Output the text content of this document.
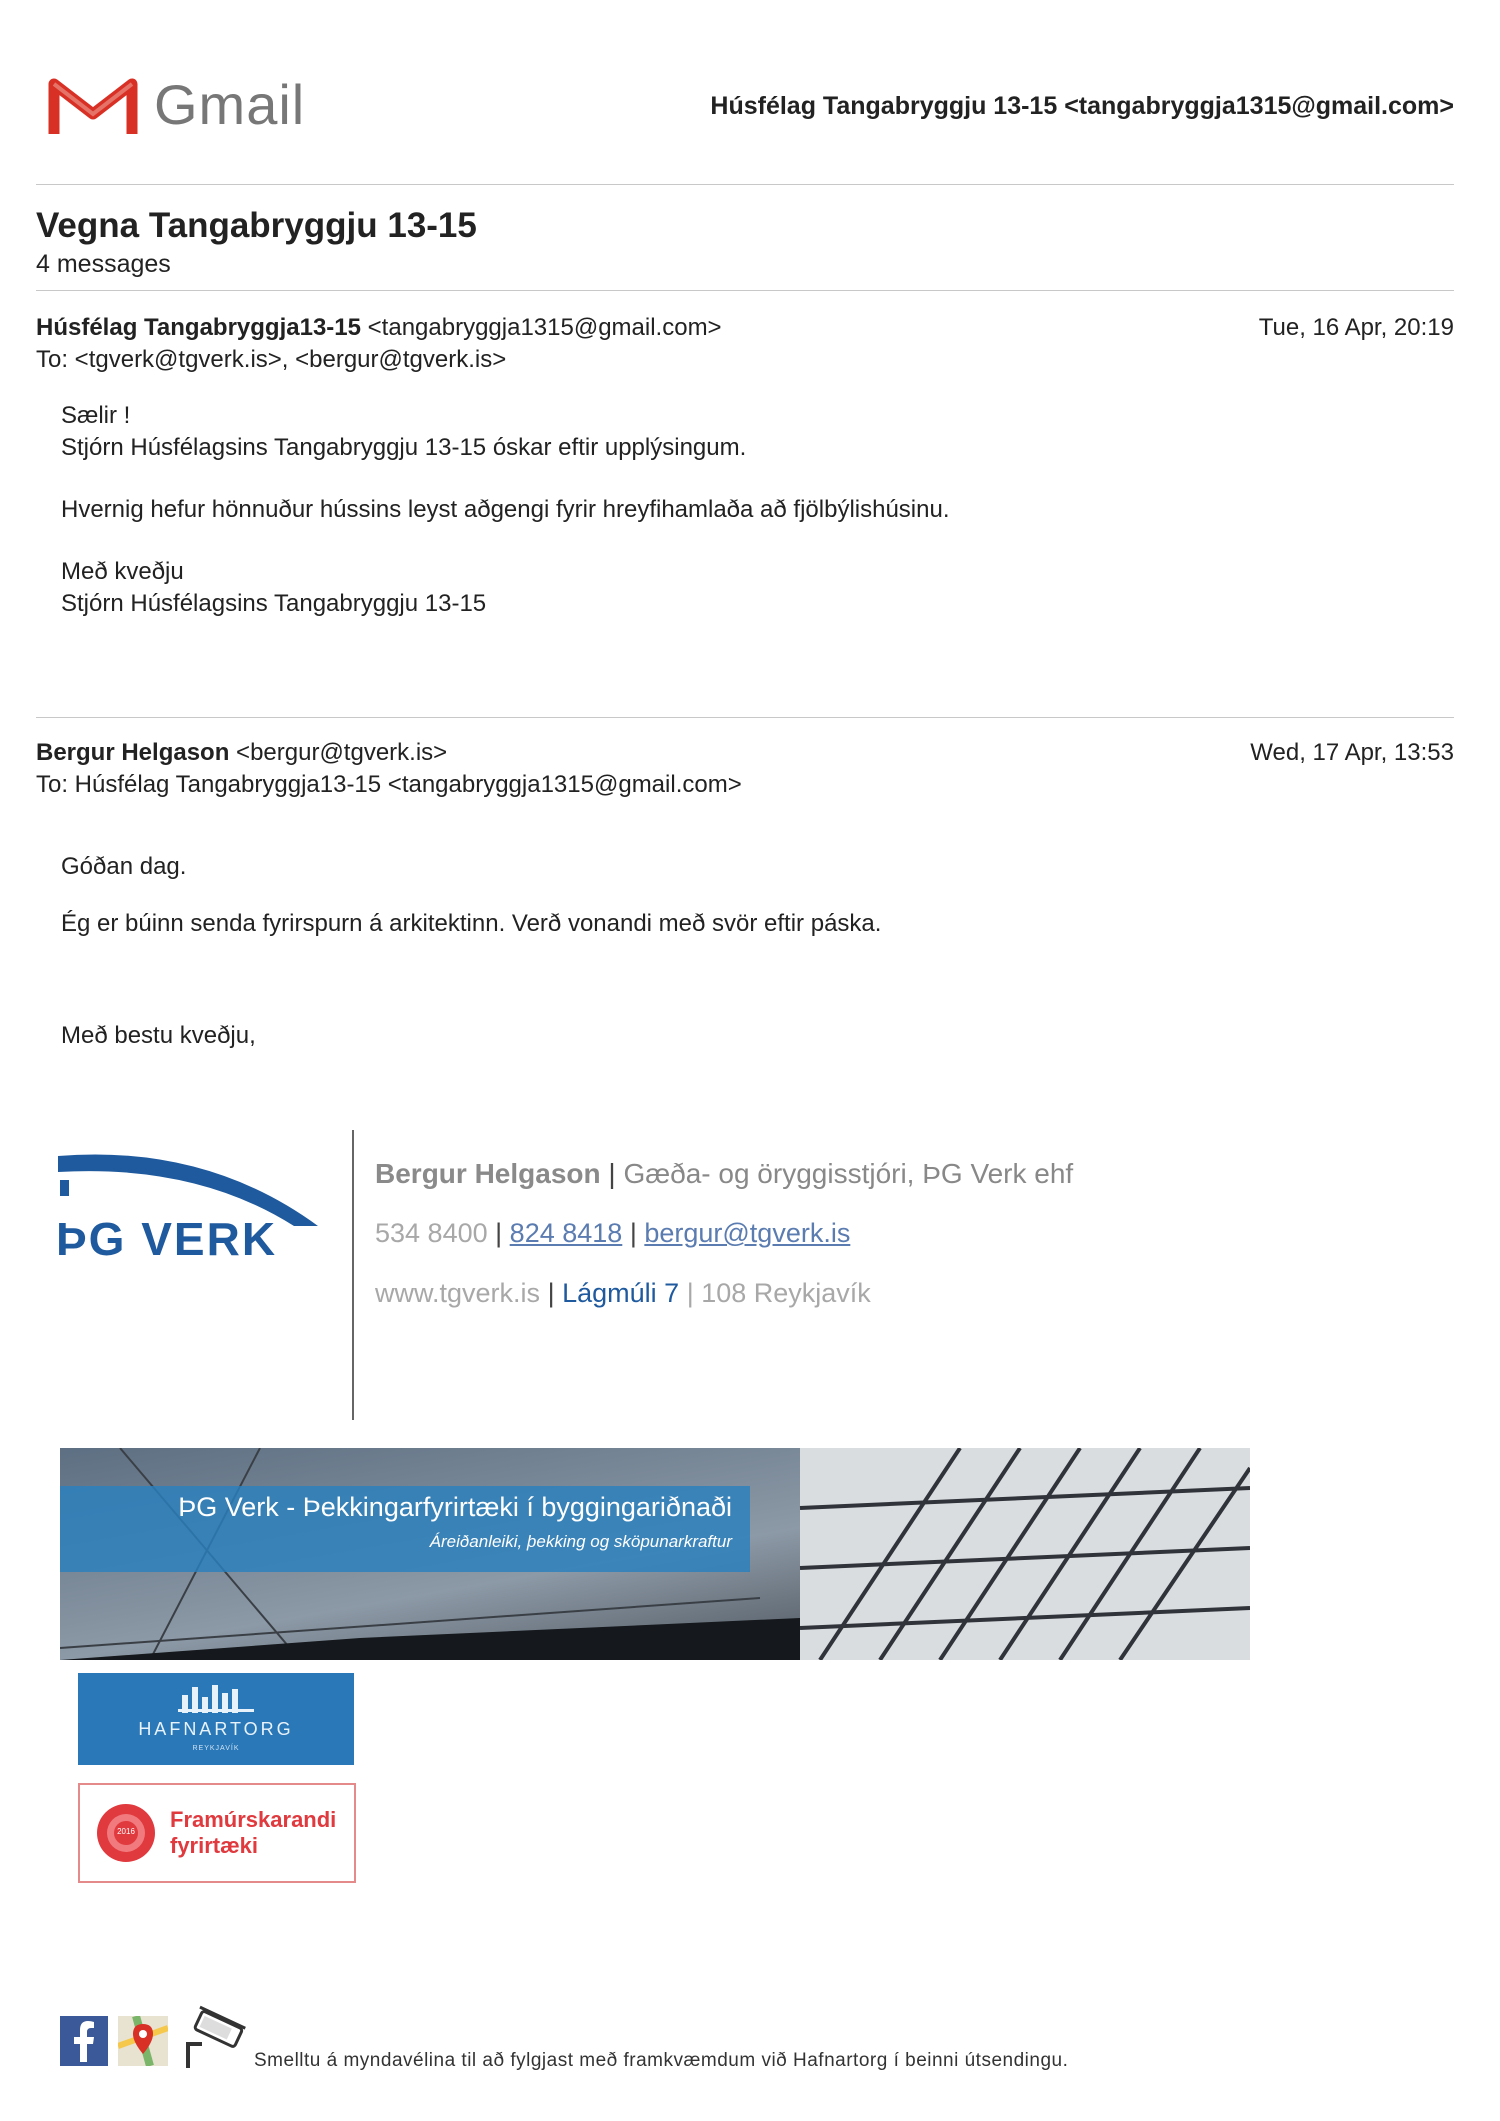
Gmail	Húsfélag Tangabryggju 13-15 <tangabryggja1315@gmail.com>
Vegna Tangabryggju 13-15
4 messages
Húsfélag Tangabryggja13-15 <tangabryggja1315@gmail.com>	Tue, 16 Apr, 20:19
To: <tgverk@tgverk.is>, <bergur@tgverk.is>
Sælir !
Stjórn Húsfélagsins Tangabryggju 13-15 óskar eftir upplýsingum.
Hvernig hefur hönnuður hússins leyst aðgengi fyrir hreyfihamlaða að fjölbýlishúsinu.
Með kveðju
Stjórn Húsfélagsins Tangabryggju 13-15
Bergur Helgason <bergur@tgverk.is>	Wed, 17 Apr, 13:53
To: Húsfélag Tangabryggja13-15 <tangabryggja1315@gmail.com>
Góðan dag.
Ég er búinn senda fyrirspurn á arkitektinn. Verð vonandi með svör eftir páska.
Með bestu kveðju,
ÞG VERK
Bergur Helgason | Gæða- og öryggisstjóri, ÞG Verk ehf
534 8400 | 824 8418 | bergur@tgverk.is
www.tgverk.is | Lágmúli 7 | 108 Reykjavík
ÞG Verk - Þekkingarfyrirtæki í byggingariðnaði
Áreiðanleiki, þekking og sköpunarkraftur
HAFNARTORG
REYKJAVÍK
2016	Framúrskarandi
fyrirtæki
Smelltu á myndavélina til að fylgjast með framkvæmdum við Hafnartorg í beinni útsendingu.
